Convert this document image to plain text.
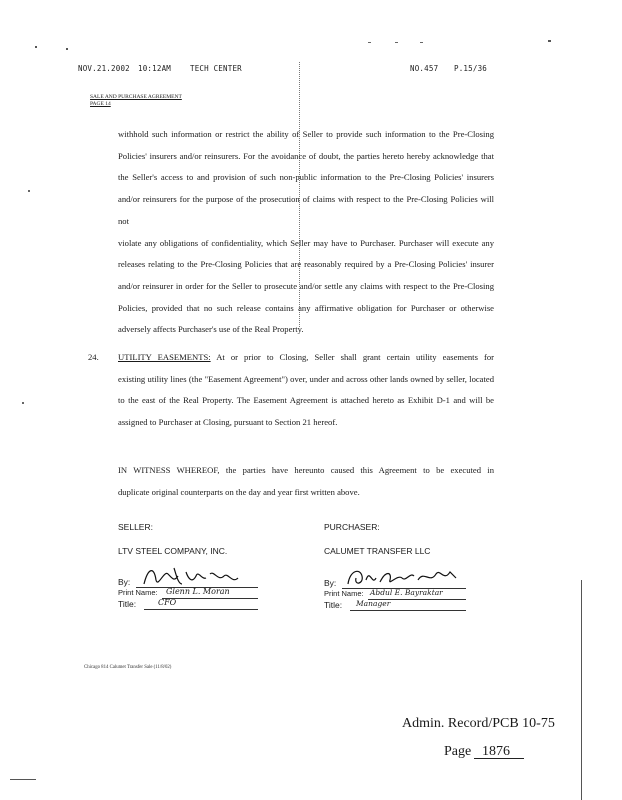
NOV.21.2002 10:12AM	TECH CENTER	NO.457 P.15/36
SALE AND PURCHASE AGREEMENT
PAGE 14

withhold such information or restrict the ability of Seller to provide such information to the Pre-Closing

Policies' insurers and/or reinsurers. For the avoidance of doubt, the parties hereto hereby acknowledge that

the Seller's access to and provision of such non-public information to the Pre-Closing Policies' insurers

and/or reinsurers for the purpose of the prosecution of claims with respect to the Pre-Closing Policies will not

violate any obligations of confidentiality, which Seller may have to Purchaser. Purchaser will execute any

releases relating to the Pre-Closing Policies that are reasonably required by a Pre-Closing Policies' insurer

and/or reinsurer in order for the Seller to prosecute and/or settle any claims with respect to the Pre-Closing

Policies, provided that no such release contains any affirmative obligation for Purchaser or otherwise

adversely affects Purchaser's use of the Real Property.

24. UTILITY EASEMENTS: At or prior to Closing, Seller shall grant certain utility easements for

existing utility lines (the "Easement Agreement") over, under and across other lands owned by seller, located

to the east of the Real Property. The Easement Agreement is attached hereto as Exhibit D-1 and will be

assigned to Purchaser at Closing, pursuant to Section 21 hereof.

IN WITNESS WHEREOF, the parties have hereunto caused this Agreement to be executed in

duplicate original counterparts on the day and year first written above.

SELLER:
LTV STEEL COMPANY, INC.
By:
Print Name:
Title:
Glenn L. Moran
CFO
PURCHASER:
CALUMET TRANSFER LLC
By:
Print Name:
Title:
Abdul E. Bayraktar
Manager
Chicago 814 Calumet Transfer Sale (11/8/02)
Admin. Record/PCB 10-75
Page 1876
